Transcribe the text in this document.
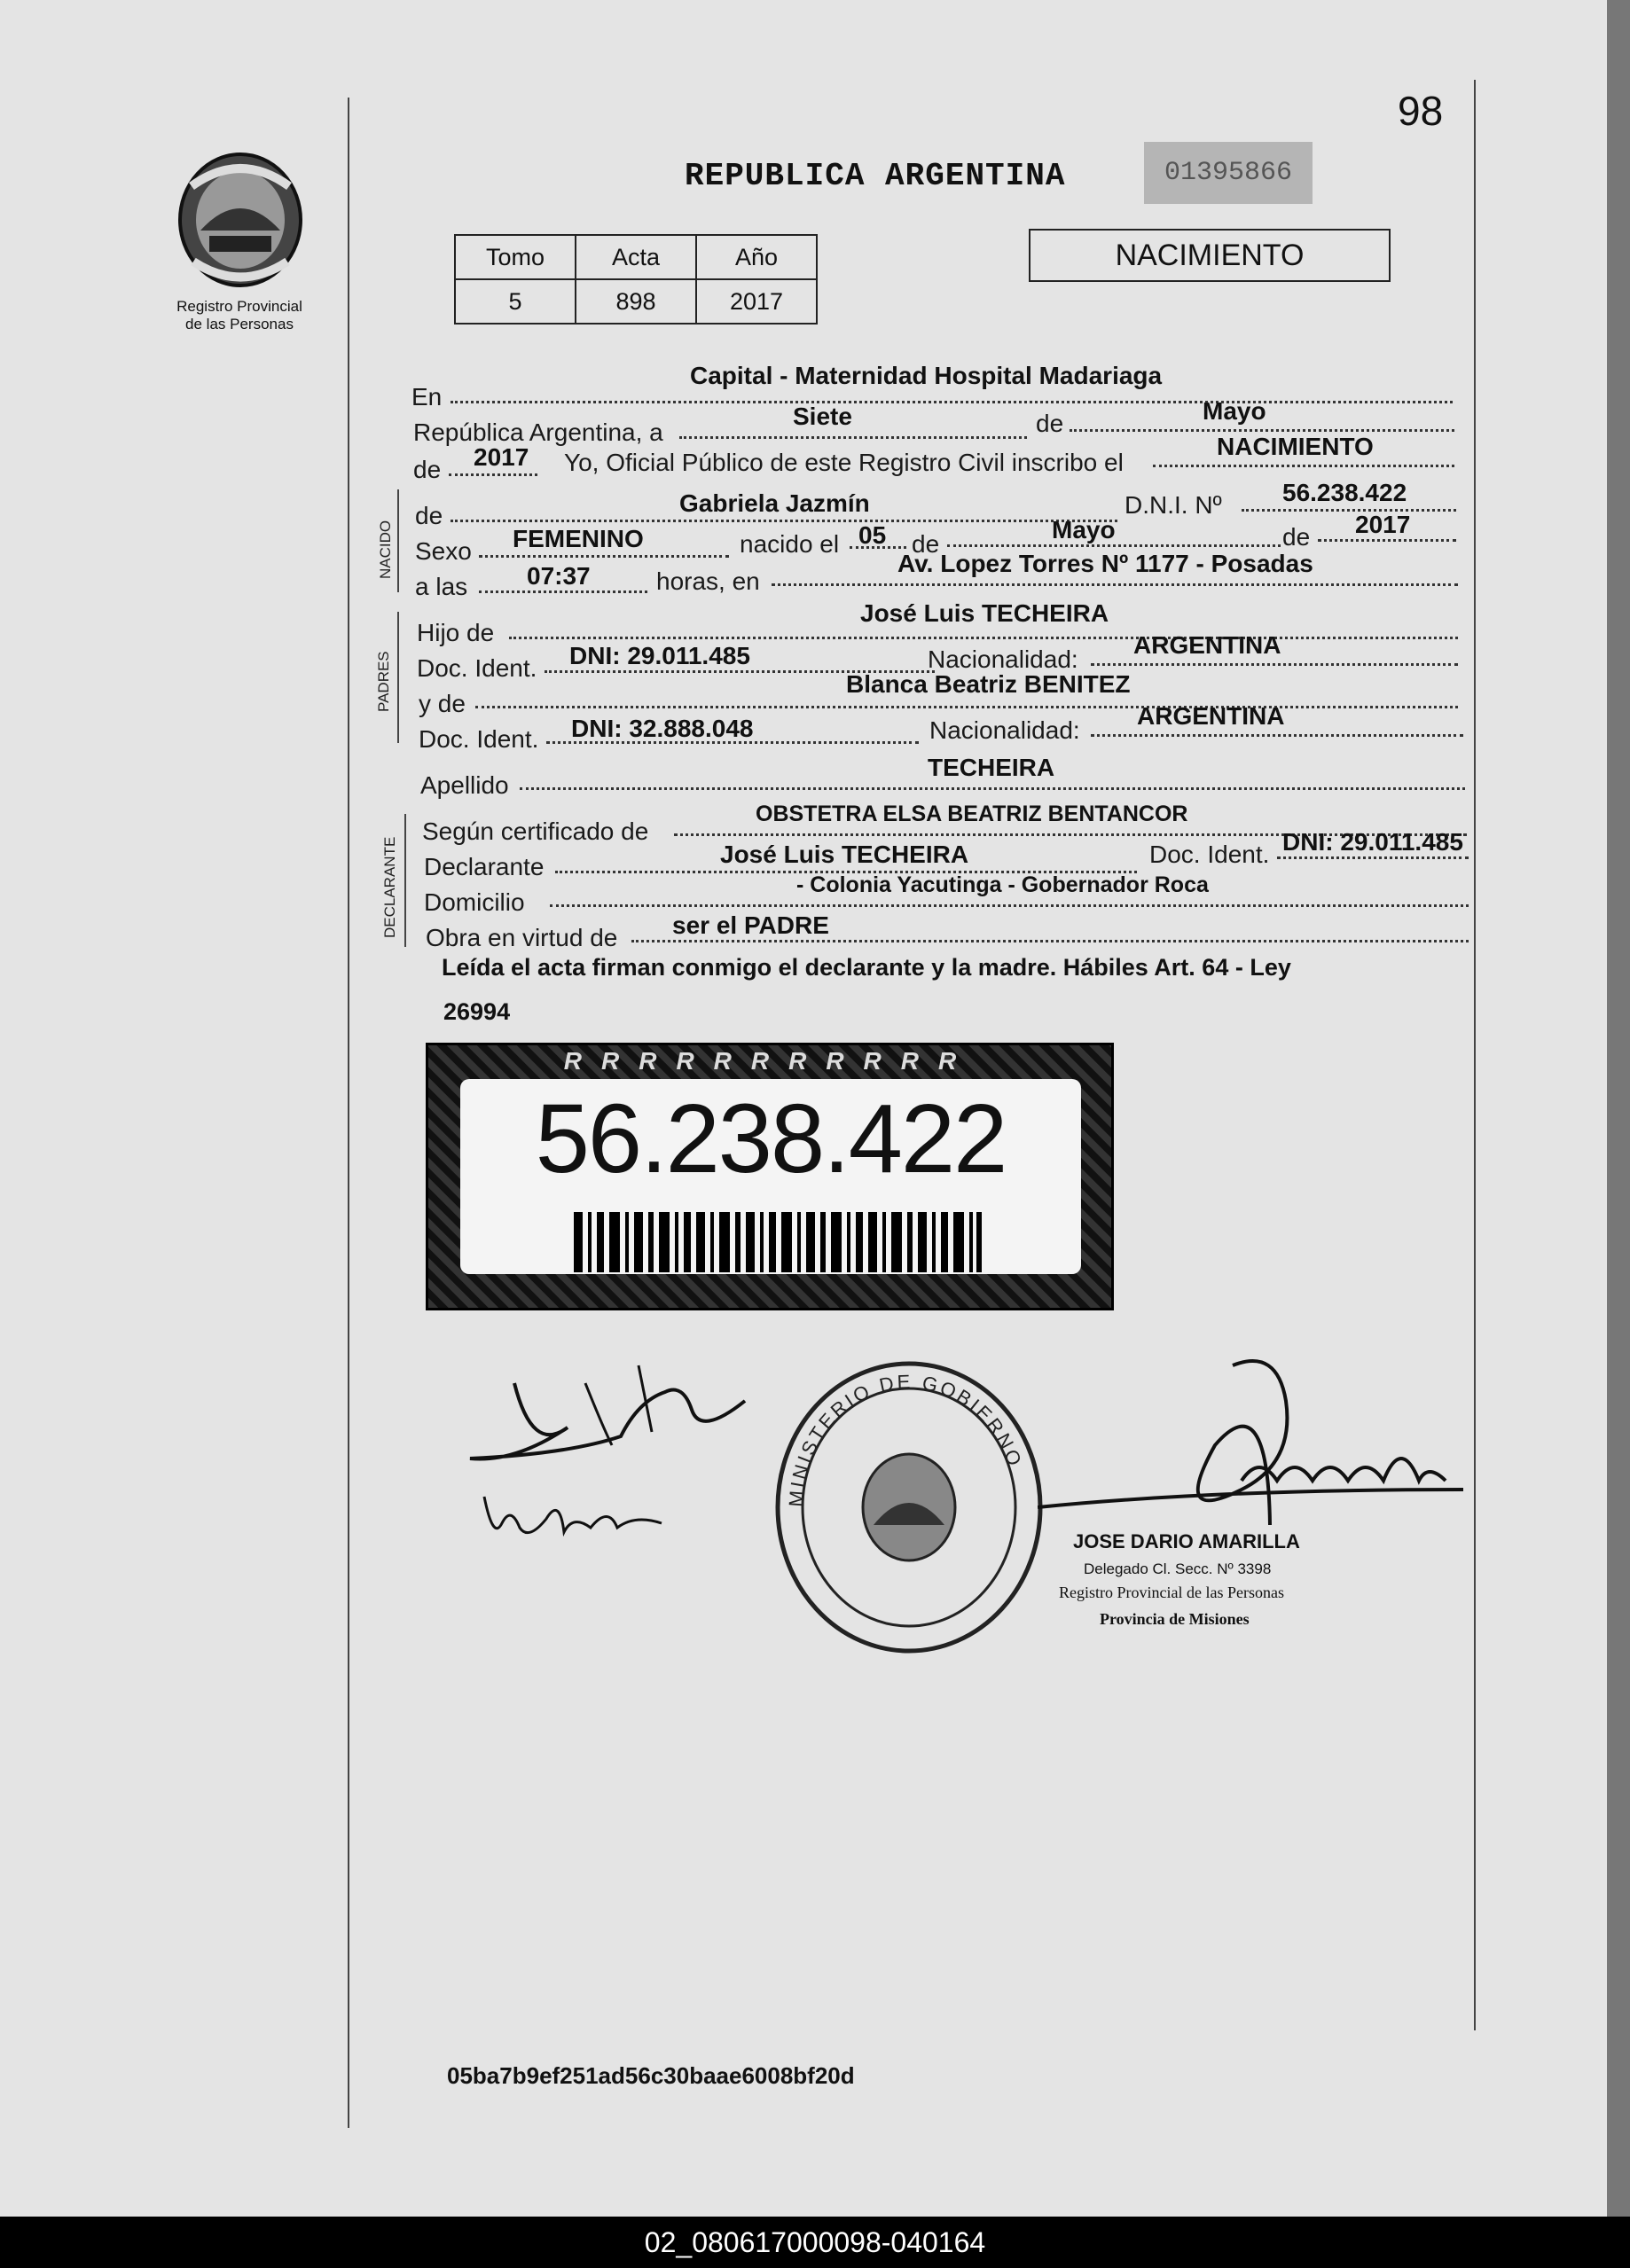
98
Registro Provincial
de las Personas
REPUBLICA ARGENTINA	01395866
Tomo	Acta	Año
5	898	2017
NACIMIENTO
NACIDO
PADRES
DECLARANTE
En
Capital - Maternidad Hospital Madariaga
República Argentina, a
Siete	de	Mayo
de 2017 Yo, Oficial Público de este Registro Civil inscribo el
NACIMIENTO
de	Gabriela Jazmín	D.N.I. Nº 56.238.422
Sexo FEMENINO	nacido el 05 de
Mayo	de 2017
a las 07:37	horas, en
Av. Lopez Torres Nº 1177 - Posadas
Hijo de
José Luis TECHEIRA
Doc. Ident. DNI: 29.011.485	Nacionalidad:
ARGENTINA
y de
Blanca Beatriz BENITEZ
Doc. Ident. DNI: 32.888.048	Nacionalidad:
ARGENTINA
Apellido
TECHEIRA
Según certificado de
OBSTETRA ELSA BEATRIZ BENTANCOR
Declarante	José Luis TECHEIRA	Doc. Ident. DNI: 29.011.485
Domicilio
- Colonia Yacutinga - Gobernador Roca
Obra en virtud de ser el PADRE
Leída el acta firman conmigo el declarante y la madre. Hábiles Art. 64 - Ley
26994
RRRRRRRRRRR
56.238.422
MINISTERIO DE GOBIERNO
JOSE DARIO AMARILLA
Delegado Cl. Secc. Nº 3398
Registro Provincial de las Personas
Provincia de Misiones
05ba7b9ef251ad56c30baae6008bf20d
02_080617000098-040164
